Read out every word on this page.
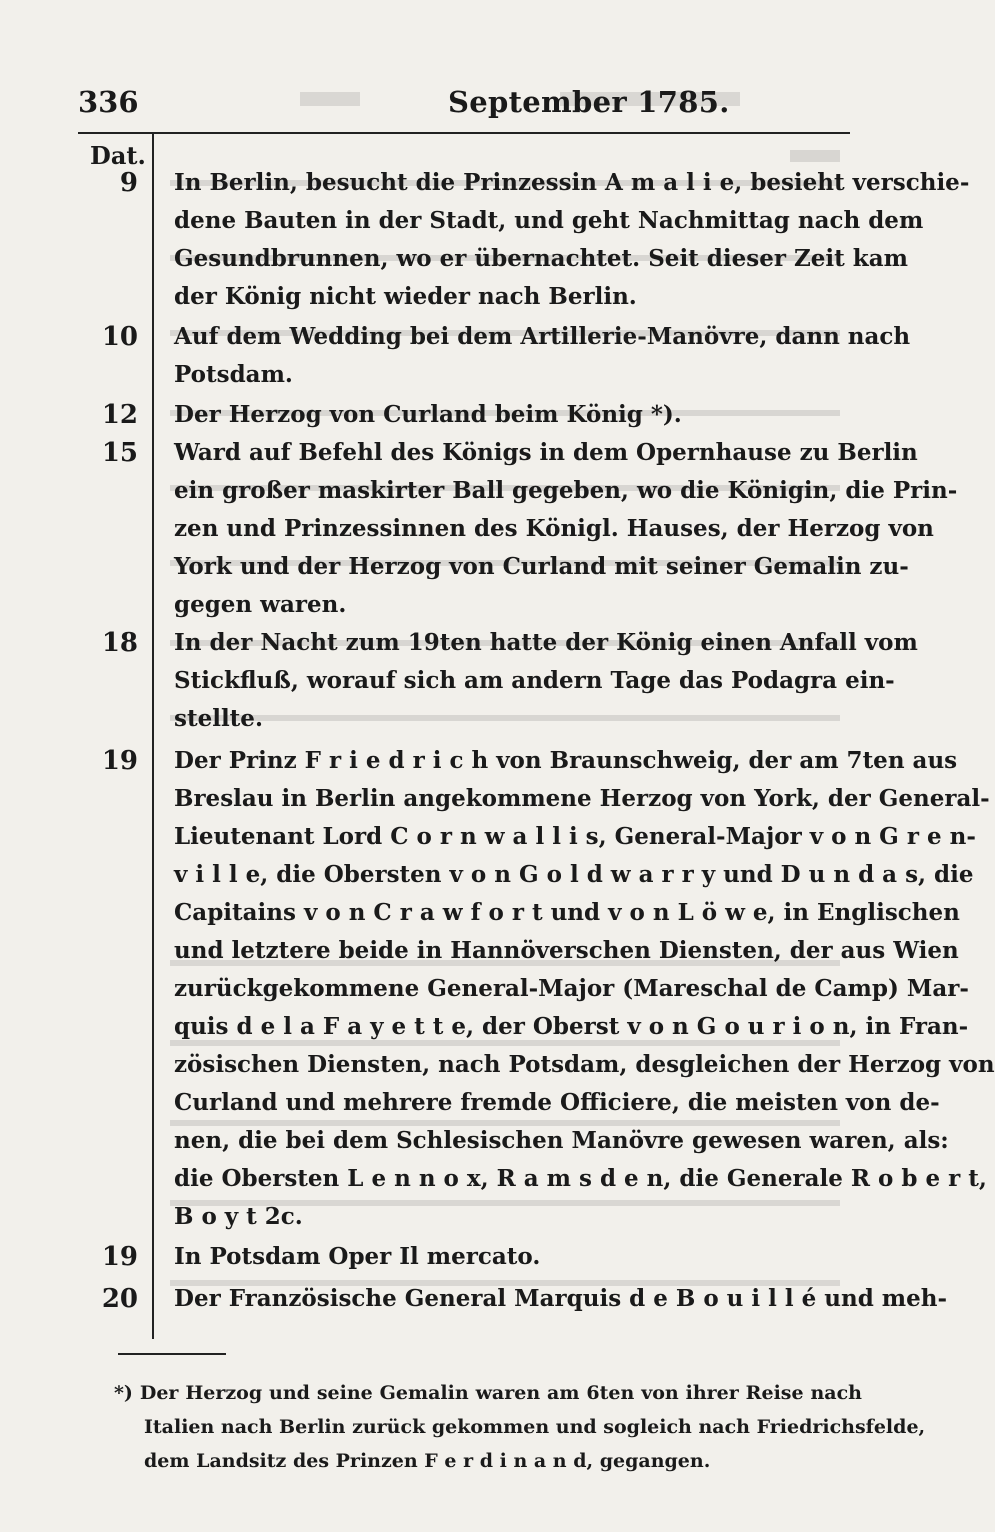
336	September 1785.
Dat.
9 In Berlin, besucht die Prinzessin A m a l i e, besieht verschie-
dene Bauten in der Stadt, und geht Nachmittag nach dem
Gesundbrunnen, wo er übernachtet. Seit dieser Zeit kam
der König nicht wieder nach Berlin.
10 Auf dem Wedding bei dem Artillerie-Manövre, dann nach
Potsdam.
12 Der Herzog von Curland beim König *).
15 Ward auf Befehl des Königs in dem Opernhause zu Berlin
ein großer maskirter Ball gegeben, wo die Königin, die Prin-
zen und Prinzessinnen des Königl. Hauses, der Herzog von
York und der Herzog von Curland mit seiner Gemalin zu-
gegen waren.
18 In der Nacht zum 19ten hatte der König einen Anfall vom
Stickfluß, worauf sich am andern Tage das Podagra ein-
stellte.
19 Der Prinz F r i e d r i c h von Braunschweig, der am 7ten aus
Breslau in Berlin angekommene Herzog von York, der General-
Lieutenant Lord C o r n w a l l i s, General-Major v o n G r e n-
v i l l e, die Obersten v o n G o l d w a r r y und D u n d a s, die
Capitains v o n C r a w f o r t und v o n L ö w e, in Englischen
und letztere beide in Hannöverschen Diensten, der aus Wien
zurückgekommene General-Major (Mareschal de Camp) Mar-
quis d e l a F a y e t t e, der Oberst v o n G o u r i o n, in Fran-
zösischen Diensten, nach Potsdam, desgleichen der Herzog von
Curland und mehrere fremde Officiere, die meisten von de-
nen, die bei dem Schlesischen Manövre gewesen waren, als:
die Obersten L e n n o x, R a m s d e n, die Generale R o b e r t,
B o y t 2c.
19 In Potsdam Oper Il mercato.
20 Der Französische General Marquis d e B o u i l l é und meh-
*) Der Herzog und seine Gemalin waren am 6ten von ihrer Reise nach
Italien nach Berlin zurück gekommen und sogleich nach Friedrichsfelde,
dem Landsitz des Prinzen F e r d i n a n d, gegangen.
